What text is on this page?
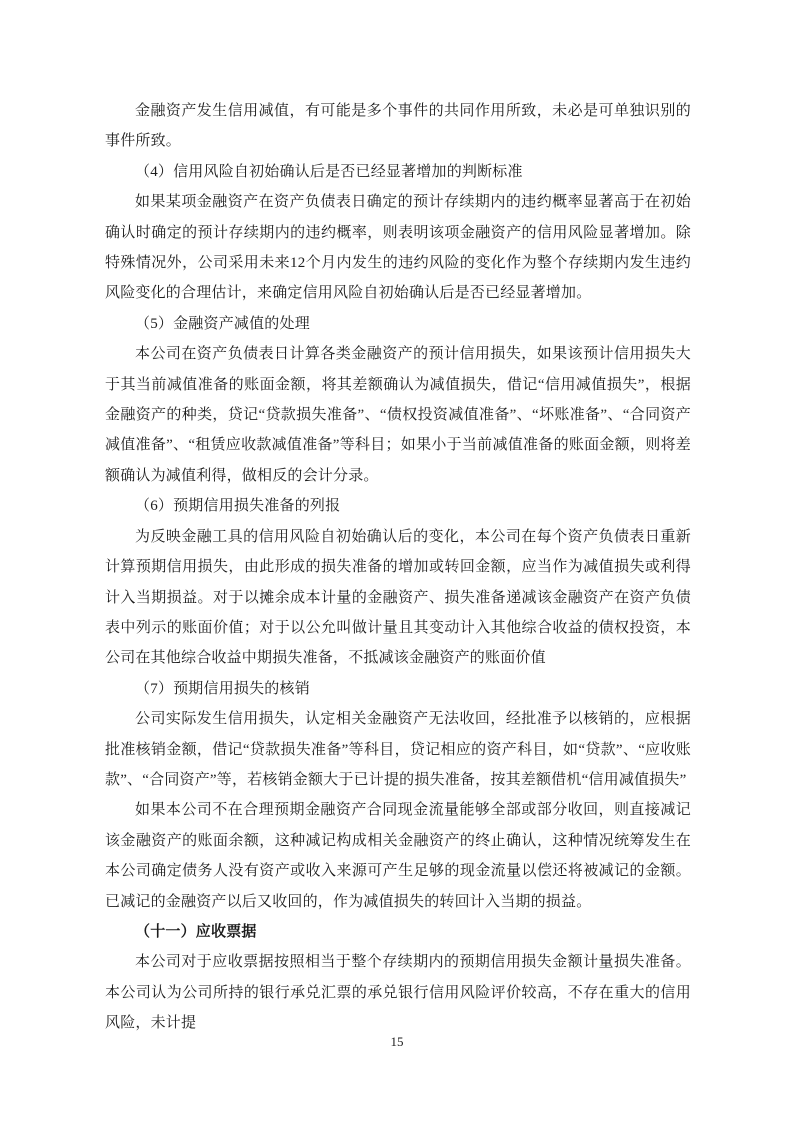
金融资产发生信用减值，有可能是多个事件的共同作用所致，未必是可单独识别的事件所致。

（4）信用风险自初始确认后是否已经显著增加的判断标准

如果某项金融资产在资产负债表日确定的预计存续期内的违约概率显著高于在初始确认时确定的预计存续期内的违约概率，则表明该项金融资产的信用风险显著增加。除特殊情况外，公司采用未来12个月内发生的违约风险的变化作为整个存续期内发生违约风险变化的合理估计，来确定信用风险自初始确认后是否已经显著增加。

（5）金融资产减值的处理

本公司在资产负债表日计算各类金融资产的预计信用损失，如果该预计信用损失大于其当前减值准备的账面金额，将其差额确认为减值损失，借记“信用减值损失”，根据金融资产的种类，贷记“贷款损失准备”、“债权投资减值准备”、“坏账准备”、“合同资产减值准备”、“租赁应收款减值准备”等科目；如果小于当前减值准备的账面金额，则将差额确认为减值利得，做相反的会计分录。

（6）预期信用损失准备的列报

为反映金融工具的信用风险自初始确认后的变化，本公司在每个资产负债表日重新计算预期信用损失，由此形成的损失准备的增加或转回金额，应当作为减值损失或利得计入当期损益。对于以摊余成本计量的金融资产、损失准备递减该金融资产在资产负债表中列示的账面价值；对于以公允叫做计量且其变动计入其他综合收益的债权投资，本公司在其他综合收益中期损失准备，不抵减该金融资产的账面价值

（7）预期信用损失的核销

公司实际发生信用损失，认定相关金融资产无法收回，经批准予以核销的，应根据批准核销金额，借记“贷款损失准备”等科目，贷记相应的资产科目，如“贷款”、“应收账款”、“合同资产”等，若核销金额大于已计提的损失准备，按其差额借机“信用减值损失”

如果本公司不在合理预期金融资产合同现金流量能够全部或部分收回，则直接减记该金融资产的账面余额，这种减记构成相关金融资产的终止确认，这种情况统筹发生在本公司确定债务人没有资产或收入来源可产生足够的现金流量以偿还将被减记的金额。已减记的金融资产以后又收回的，作为减值损失的转回计入当期的损益。

（十一）应收票据

本公司对于应收票据按照相当于整个存续期内的预期信用损失金额计量损失准备。本公司认为公司所持的银行承兑汇票的承兑银行信用风险评价较高，不存在重大的信用风险，未计提

15
